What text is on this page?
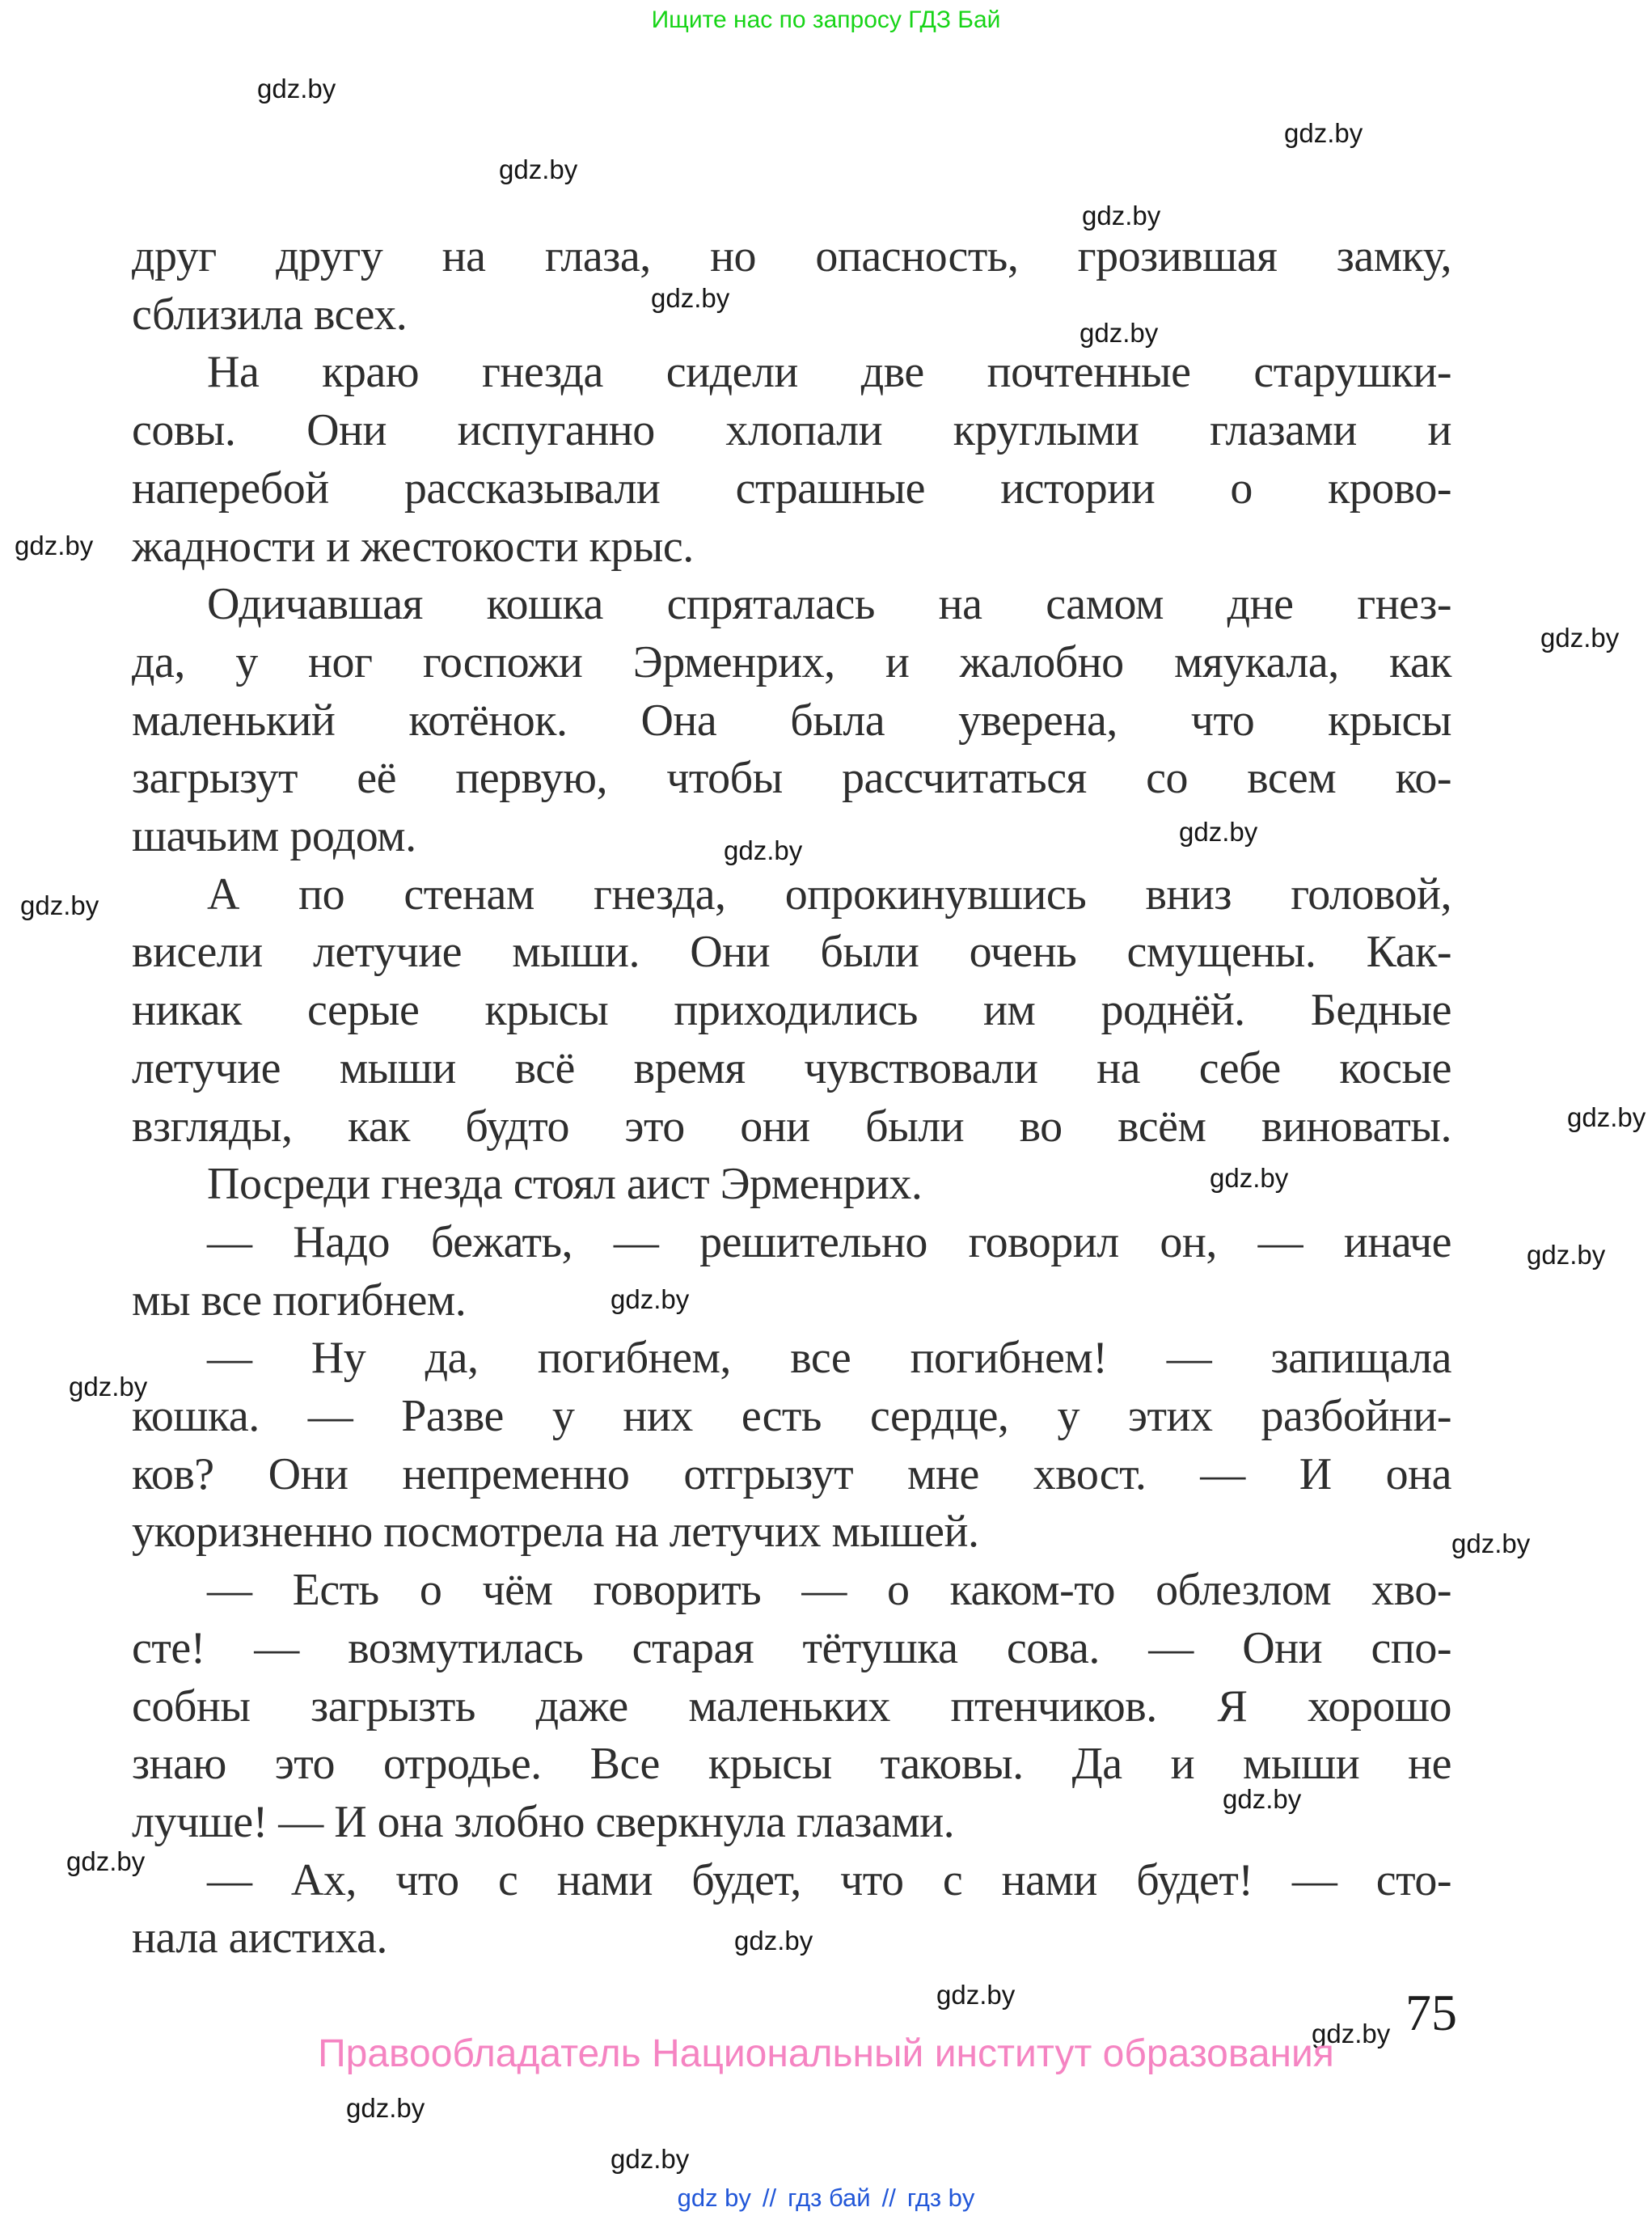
Ищите нас по запросу ГДЗ Бай
gdz.by
gdz.by
gdz.by
gdz.by
gdz.by
gdz.by
gdz.by
gdz.by
gdz.by
gdz.by
gdz.by
gdz.by
gdz.by
gdz.by
gdz.by
gdz.by
gdz.by
gdz.by
gdz.by
gdz.by
gdz.by
gdz.by
gdz.by
gdz.by
друг другу на глаза, но опасность, грозившая замку,
сблизила всех.
На краю гнезда сидели две почтенные старушки-
совы. Они испуганно хлопали круглыми глазами и
наперебой рассказывали страшные истории о крово-
жадности и жестокости крыс.
Одичавшая кошка спряталась на самом дне гнез-
да, у ног госпожи Эрменрих, и жалобно мяукала, как
маленький котёнок. Она была уверена, что крысы
загрызут её первую, чтобы рассчитаться со всем ко-
шачьим родом.
А по стенам гнезда, опрокинувшись вниз головой,
висели летучие мыши. Они были очень смущены. Как-
никак серые крысы приходились им роднёй. Бедные
летучие мыши всё время чувствовали на себе косые
взгляды, как будто это они были во всём виноваты.
Посреди гнезда стоял аист Эрменрих.
— Надо бежать, — решительно говорил он, — иначе
мы все погибнем.
— Ну да, погибнем, все погибнем! — запищала
кошка. — Разве у них есть сердце, у этих разбойни-
ков? Они непременно отгрызут мне хвост. — И она
укоризненно посмотрела на летучих мышей.
— Есть о чём говорить — о каком-то облезлом хво-
сте! — возмутилась старая тётушка сова. — Они спо-
собны загрызть даже маленьких птенчиков. Я хорошо
знаю это отродье. Все крысы таковы. Да и мыши не
лучше! — И она злобно сверкнула глазами.
— Ах, что с нами будет, что с нами будет! — сто-
нала аистиха.
75
Правообладатель Национальный институт образования
gdz by // гдз бай // гдз by
